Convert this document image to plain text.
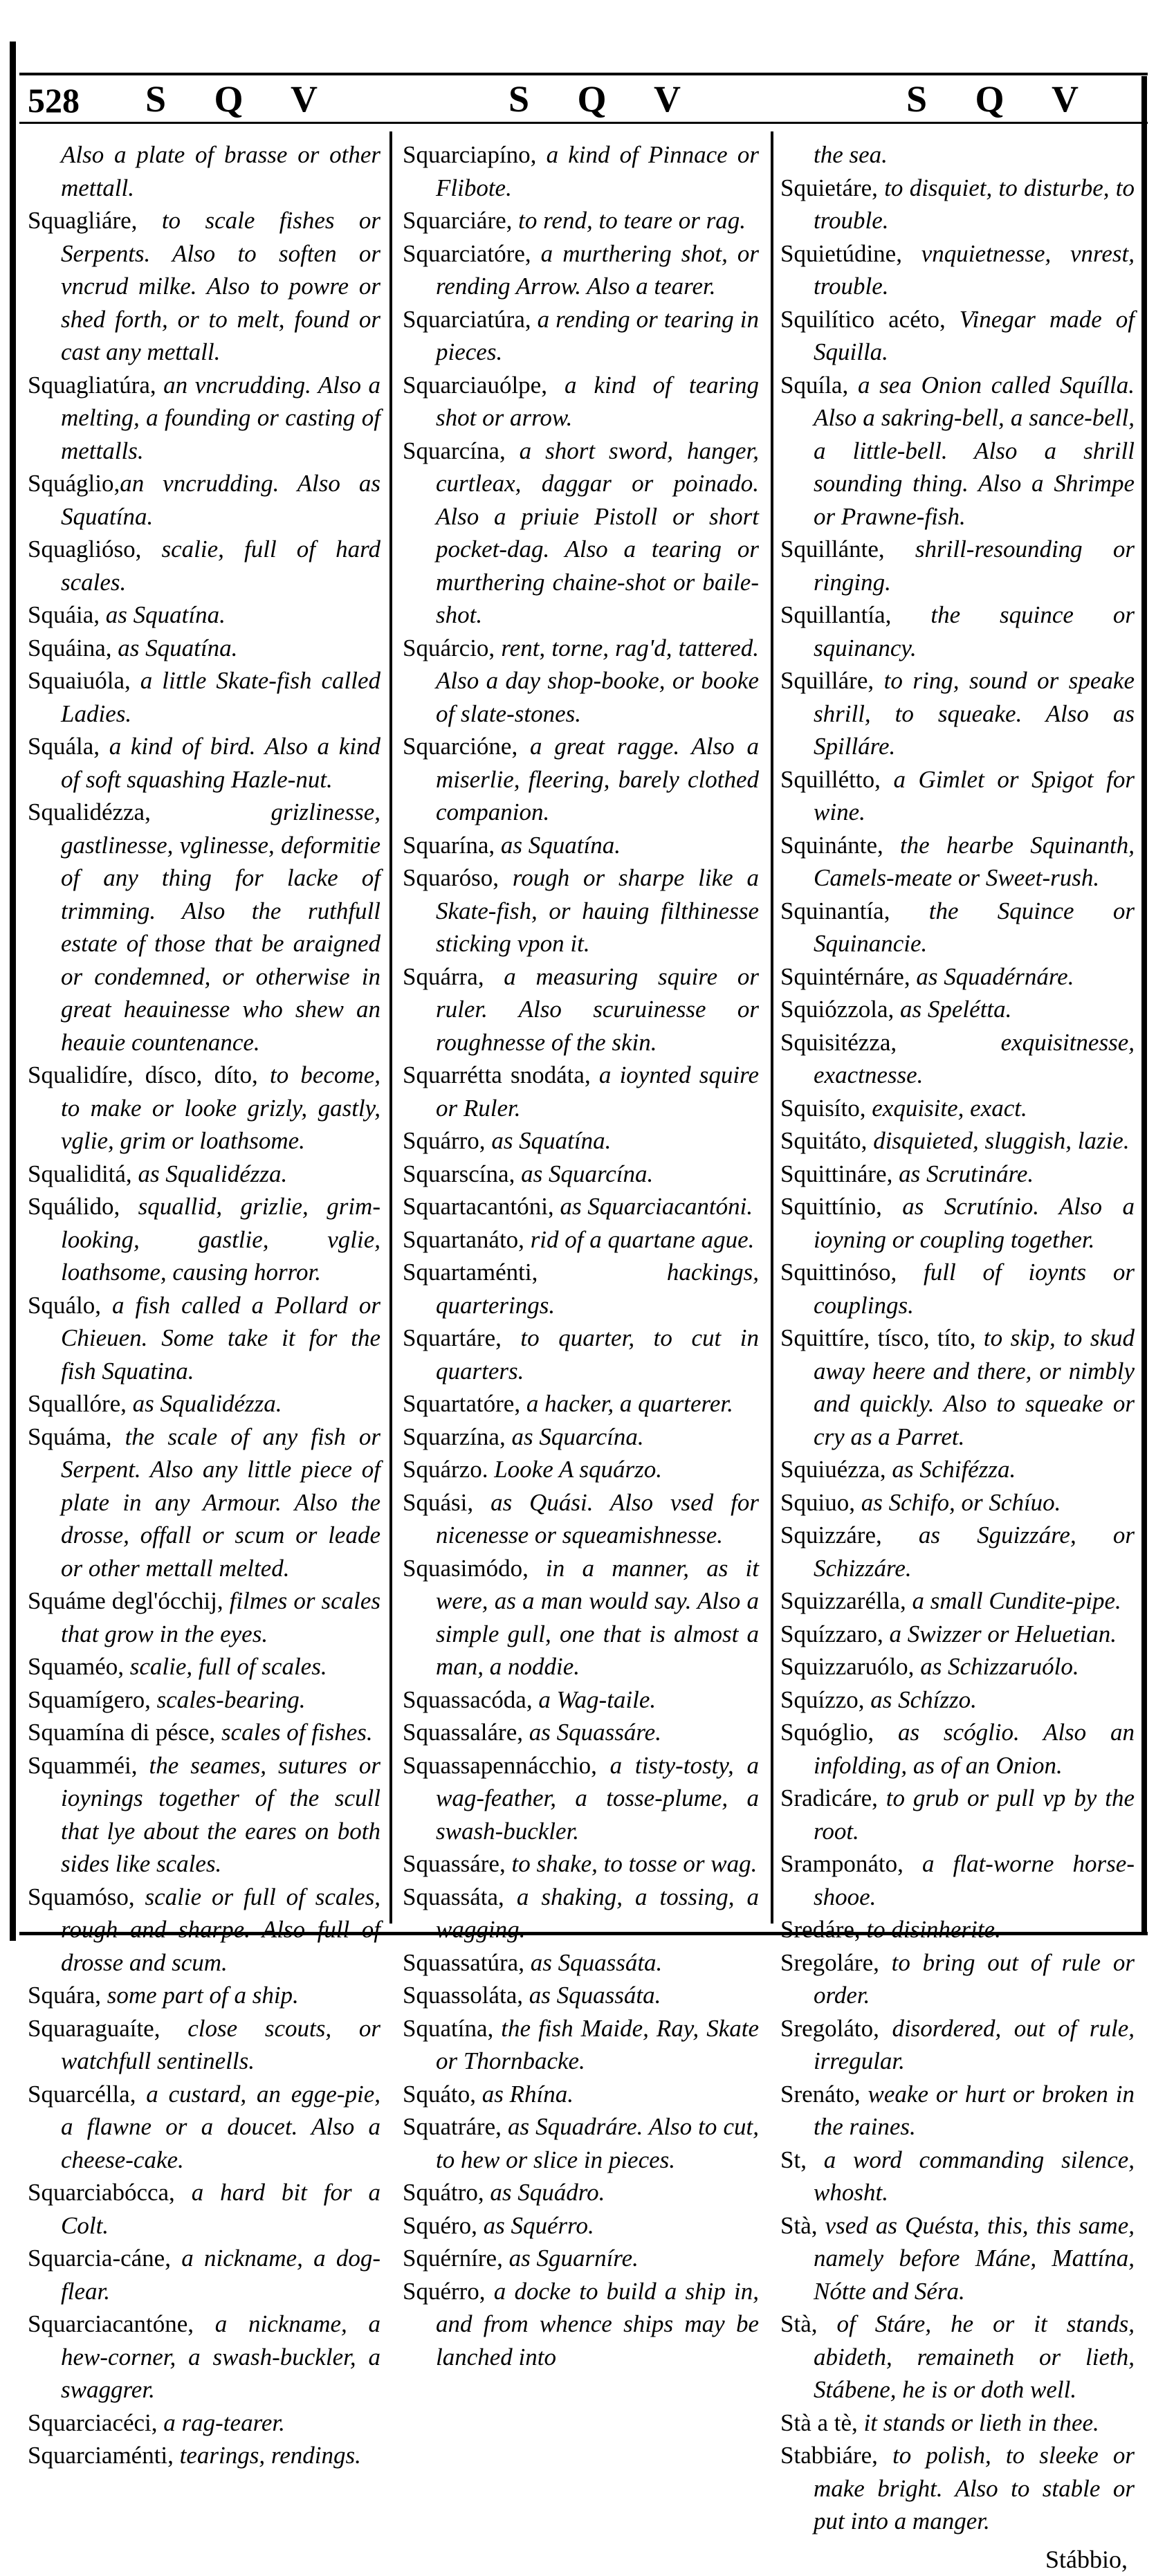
528 S Q V	S Q V	S Q V

Also a plate of brasse or other mettall.

Squagliáre, to scale fishes or Serpents. Also to soften or vncrud milke. Also to powre or shed forth, or to melt, found or cast any mettall.

Squagliatúra, an vncrudding. Also a melting, a founding or casting of mettalls.

Squáglio,an vncrudding. Also as Squatína.

Squaglióso, scalie, full of hard scales.

Squáia, as Squatína.

Squáina, as Squatína.

Squaiuóla, a little Skate-fish called Ladies.

Squála, a kind of bird. Also a kind of soft squashing Hazle-nut.

Squalidézza, grizlinesse, gastlinesse, vglinesse, deformitie of any thing for lacke of trimming. Also the ruthfull estate of those that be araigned or condemned, or otherwise in great heauinesse who shew an heauie countenance.

Squalidíre, dísco, díto, to become, to make or looke grizly, gastly, vglie, grim or loathsome.

Squaliditá, as Squalidézza.

Squálido, squallid, grizlie, grim-looking, gastlie, vglie, loathsome, causing horror.

Squálo, a fish called a Pollard or Chieuen. Some take it for the fish Squatina.

Squallóre, as Squalidézza.

Squáma, the scale of any fish or Serpent. Also any little piece of plate in any Armour. Also the drosse, offall or scum or leade or other mettall melted.

Squáme degl'ócchij, filmes or scales that grow in the eyes.

Squaméo, scalie, full of scales.

Squamígero, scales-bearing.

Squamína di pésce, scales of fishes.

Squamméi, the seames, sutures or ioynings together of the scull that lye about the eares on both sides like scales.

Squamóso, scalie or full of scales, rough and sharpe. Also full of drosse and scum.

Squára, some part of a ship.

Squaraguaíte, close scouts, or watchfull sentinells.

Squarcélla, a custard, an egge-pie, a flawne or a doucet. Also a cheese-cake.

Squarciabócca, a hard bit for a Colt.

Squarcia-cáne, a nickname, a dog-flear.

Squarciacantóne, a nickname, a hew-corner, a swash-buckler, a swaggrer.

Squarciacéci, a rag-tearer.

Squarciaménti, tearings, rendings.

Squarciapíno, a kind of Pinnace or Flibote.

Squarciáre, to rend, to teare or rag.

Squarciatóre, a murthering shot, or rending Arrow. Also a tearer.

Squarciatúra, a rending or tearing in pieces.

Squarciauólpe, a kind of tearing shot or arrow.

Squarcína, a short sword, hanger, curtleax, daggar or poinado. Also a priuie Pistoll or short pocket-dag. Also a tearing or murthering chaine-shot or baile-shot.

Squárcio, rent, torne, rag'd, tattered. Also a day shop-booke, or booke of slate-stones.

Squarcióne, a great ragge. Also a miserlie, fleering, barely clothed companion.

Squarína, as Squatína.

Squaróso, rough or sharpe like a Skate-fish, or hauing filthinesse sticking vpon it.

Squárra, a measuring squire or ruler. Also scuruinesse or roughnesse of the skin.

Squarrétta snodáta, a ioynted squire or Ruler.

Squárro, as Squatína.

Squarscína, as Squarcína.

Squartacantóni, as Squarciacantóni.

Squartanáto, rid of a quartane ague.

Squartaménti, hackings, quarterings.

Squartáre, to quarter, to cut in quarters.

Squartatóre, a hacker, a quarterer.

Squarzína, as Squarcína.

Squárzo. Looke A squárzo.

Squási, as Quási. Also vsed for nicenesse or squeamishnesse.

Squasimódo, in a manner, as it were, as a man would say. Also a simple gull, one that is almost a man, a noddie.

Squassacóda, a Wag-taile.

Squassaláre, as Squassáre.

Squassapennácchio, a tisty-tosty, a wag-feather, a tosse-plume, a swash-buckler.

Squassáre, to shake, to tosse or wag.

Squassáta, a shaking, a tossing, a wagging.

Squassatúra, as Squassáta.

Squassoláta, as Squassáta.

Squatína, the fish Maide, Ray, Skate or Thornbacke.

Squáto, as Rhína.

Squatráre, as Squadráre. Also to cut, to hew or slice in pieces.

Squátro, as Squádro.

Squéro, as Squérro.

Squérníre, as Sguarníre.

Squérro, a docke to build a ship in, and from whence ships may be lanched into

the sea.

Squietáre, to disquiet, to disturbe, to trouble.

Squietúdine, vnquietnesse, vnrest, trouble.

Squilítico acéto, Vinegar made of Squilla.

Squíla, a sea Onion called Squílla. Also a sakring-bell, a sance-bell, a little-bell. Also a shrill sounding thing. Also a Shrimpe or Prawne-fish.

Squillánte, shrill-resounding or ringing.

Squillantía, the squince or squinancy.

Squilláre, to ring, sound or speake shrill, to squeake. Also as Spilláre.

Squillétto, a Gimlet or Spigot for wine.

Squinánte, the hearbe Squinanth, Camels-meate or Sweet-rush.

Squinantía, the Squince or Squinancie.

Squintérnáre, as Squadérnáre.

Squiózzola, as Spelétta.

Squisitézza, exquisitnesse, exactnesse.

Squisíto, exquisite, exact.

Squitáto, disquieted, sluggish, lazie.

Squittináre, as Scrutináre.

Squittínio, as Scrutínio. Also a ioyning or coupling together.

Squittinóso, full of ioynts or couplings.

Squittíre, tísco, títo, to skip, to skud away heere and there, or nimbly and quickly. Also to squeake or cry as a Parret.

Squiuézza, as Schifézza.

Squiuo, as Schifo, or Schíuo.

Squizzáre, as Sguizzáre, or Schizzáre.

Squizzarélla, a small Cundite-pipe.

Squízzaro, a Swizzer or Heluetian.

Squizzaruólo, as Schizzaruólo.

Squízzo, as Schízzo.

Squóglio, as scóglio. Also an infolding, as of an Onion.

Sradicáre, to grub or pull vp by the root.

Sramponáto, a flat-worne horse-shooe.

Sredáre, to disinherite.

Sregoláre, to bring out of rule or order.

Sregoláto, disordered, out of rule, irregular.

Srenáto, weake or hurt or broken in the raines.

St, a word commanding silence, whosht.

Stà, vsed as Quésta, this, this same, namely before Máne, Mattína, Nótte and Séra.

Stà, of Stáre, he or it stands, abideth, remaineth or lieth, Stábene, he is or doth well.

Stà a tè, it stands or lieth in thee.

Stabbiáre, to polish, to sleeke or make bright. Also to stable or put into a manger.

Stábbio,
